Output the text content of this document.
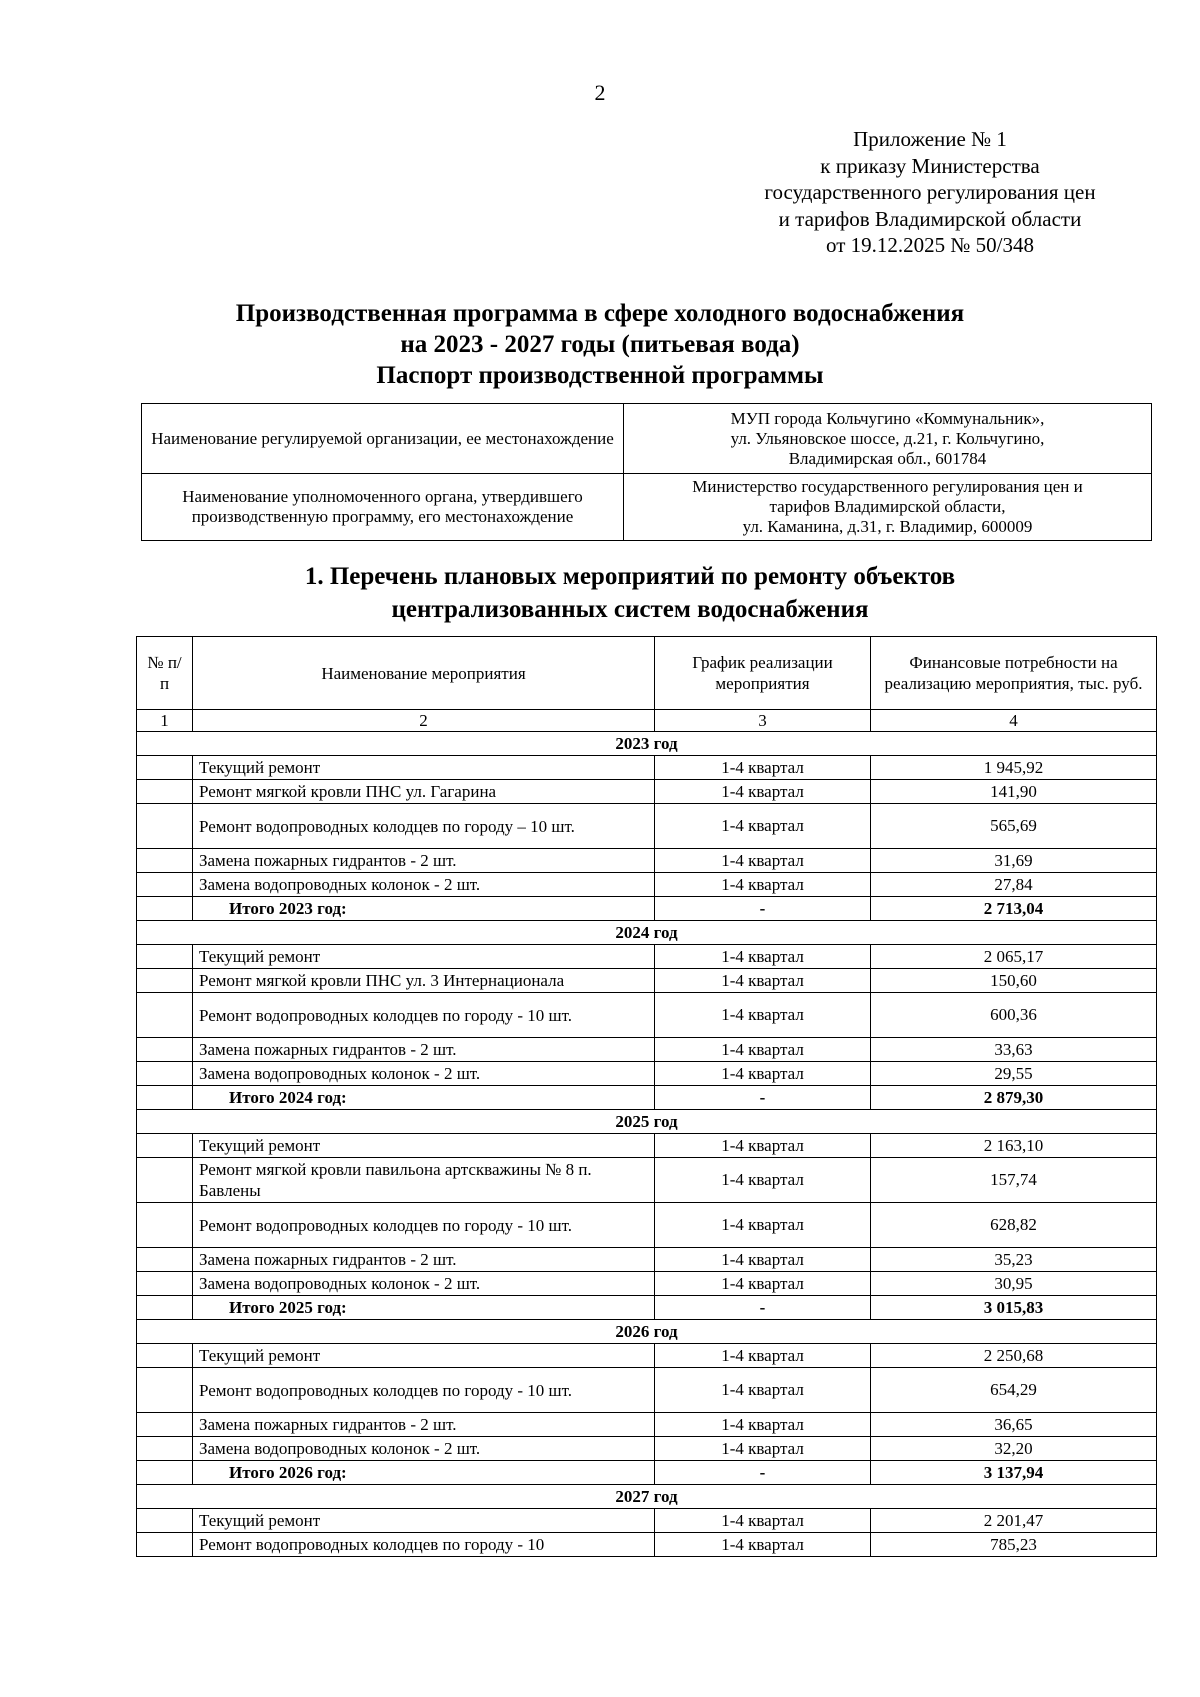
2
Приложение № 1
к приказу Министерства
государственного регулирования цен
и тарифов Владимирской области
от 19.12.2025 № 50/348
Производственная программа в сфере холодного водоснабжения
на 2023 - 2027 годы (питьевая вода)
Паспорт производственной программы
Наименование регулируемой организации, ее местонахождение	МУП города Кольчугино «Коммунальник»,
ул. Ульяновское шоссе, д.21, г. Кольчугино,
Владимирская обл., 601784

Наименование уполномоченного органа, утвердившего производственную программу, его местонахождение	Министерство государственного регулирования цен и
тарифов Владимирской области,
ул. Каманина, д.31, г. Владимир, 600009
1. Перечень плановых мероприятий по ремонту объектов
централизованных систем водоснабжения
№ п/п	Наименование мероприятия	График реализации мероприятия	Финансовые потребности на реализацию мероприятия, тыс. руб.
1	2	3	4
2023 год			
	Текущий ремонт	1-4 квартал	1 945,92
	Ремонт мягкой кровли ПНС ул. Гагарина	1-4 квартал	141,90
	Ремонт водопроводных колодцев по городу – 10 шт.	1-4 квартал	565,69
	Замена пожарных гидрантов - 2 шт.	1-4 квартал	31,69
	Замена водопроводных колонок - 2 шт.	1-4 квартал	27,84
	Итого 2023 год:	-	2 713,04
2024 год			
	Текущий ремонт	1-4 квартал	2 065,17
	Ремонт мягкой кровли ПНС ул. 3 Интернационала	1-4 квартал	150,60
	Ремонт водопроводных колодцев по городу - 10 шт.	1-4 квартал	600,36
	Замена пожарных гидрантов - 2 шт.	1-4 квартал	33,63
	Замена водопроводных колонок - 2 шт.	1-4 квартал	29,55
	Итого 2024 год:	-	2 879,30
2025 год			
	Текущий ремонт	1-4 квартал	2 163,10
	Ремонт мягкой кровли павильона артскважины № 8 п. Бавлены	1-4 квартал	157,74
	Ремонт водопроводных колодцев по городу - 10 шт.	1-4 квартал	628,82
	Замена пожарных гидрантов - 2 шт.	1-4 квартал	35,23
	Замена водопроводных колонок - 2 шт.	1-4 квартал	30,95
	Итого 2025 год:	-	3 015,83
2026 год			
	Текущий ремонт	1-4 квартал	2 250,68
	Ремонт водопроводных колодцев по городу - 10 шт.	1-4 квартал	654,29
	Замена пожарных гидрантов - 2 шт.	1-4 квартал	36,65
	Замена водопроводных колонок - 2 шт.	1-4 квартал	32,20
	Итого 2026 год:	-	3 137,94
2027 год			
	Текущий ремонт	1-4 квартал	2 201,47
	Ремонт водопроводных колодцев по городу - 10	1-4 квартал	785,23
